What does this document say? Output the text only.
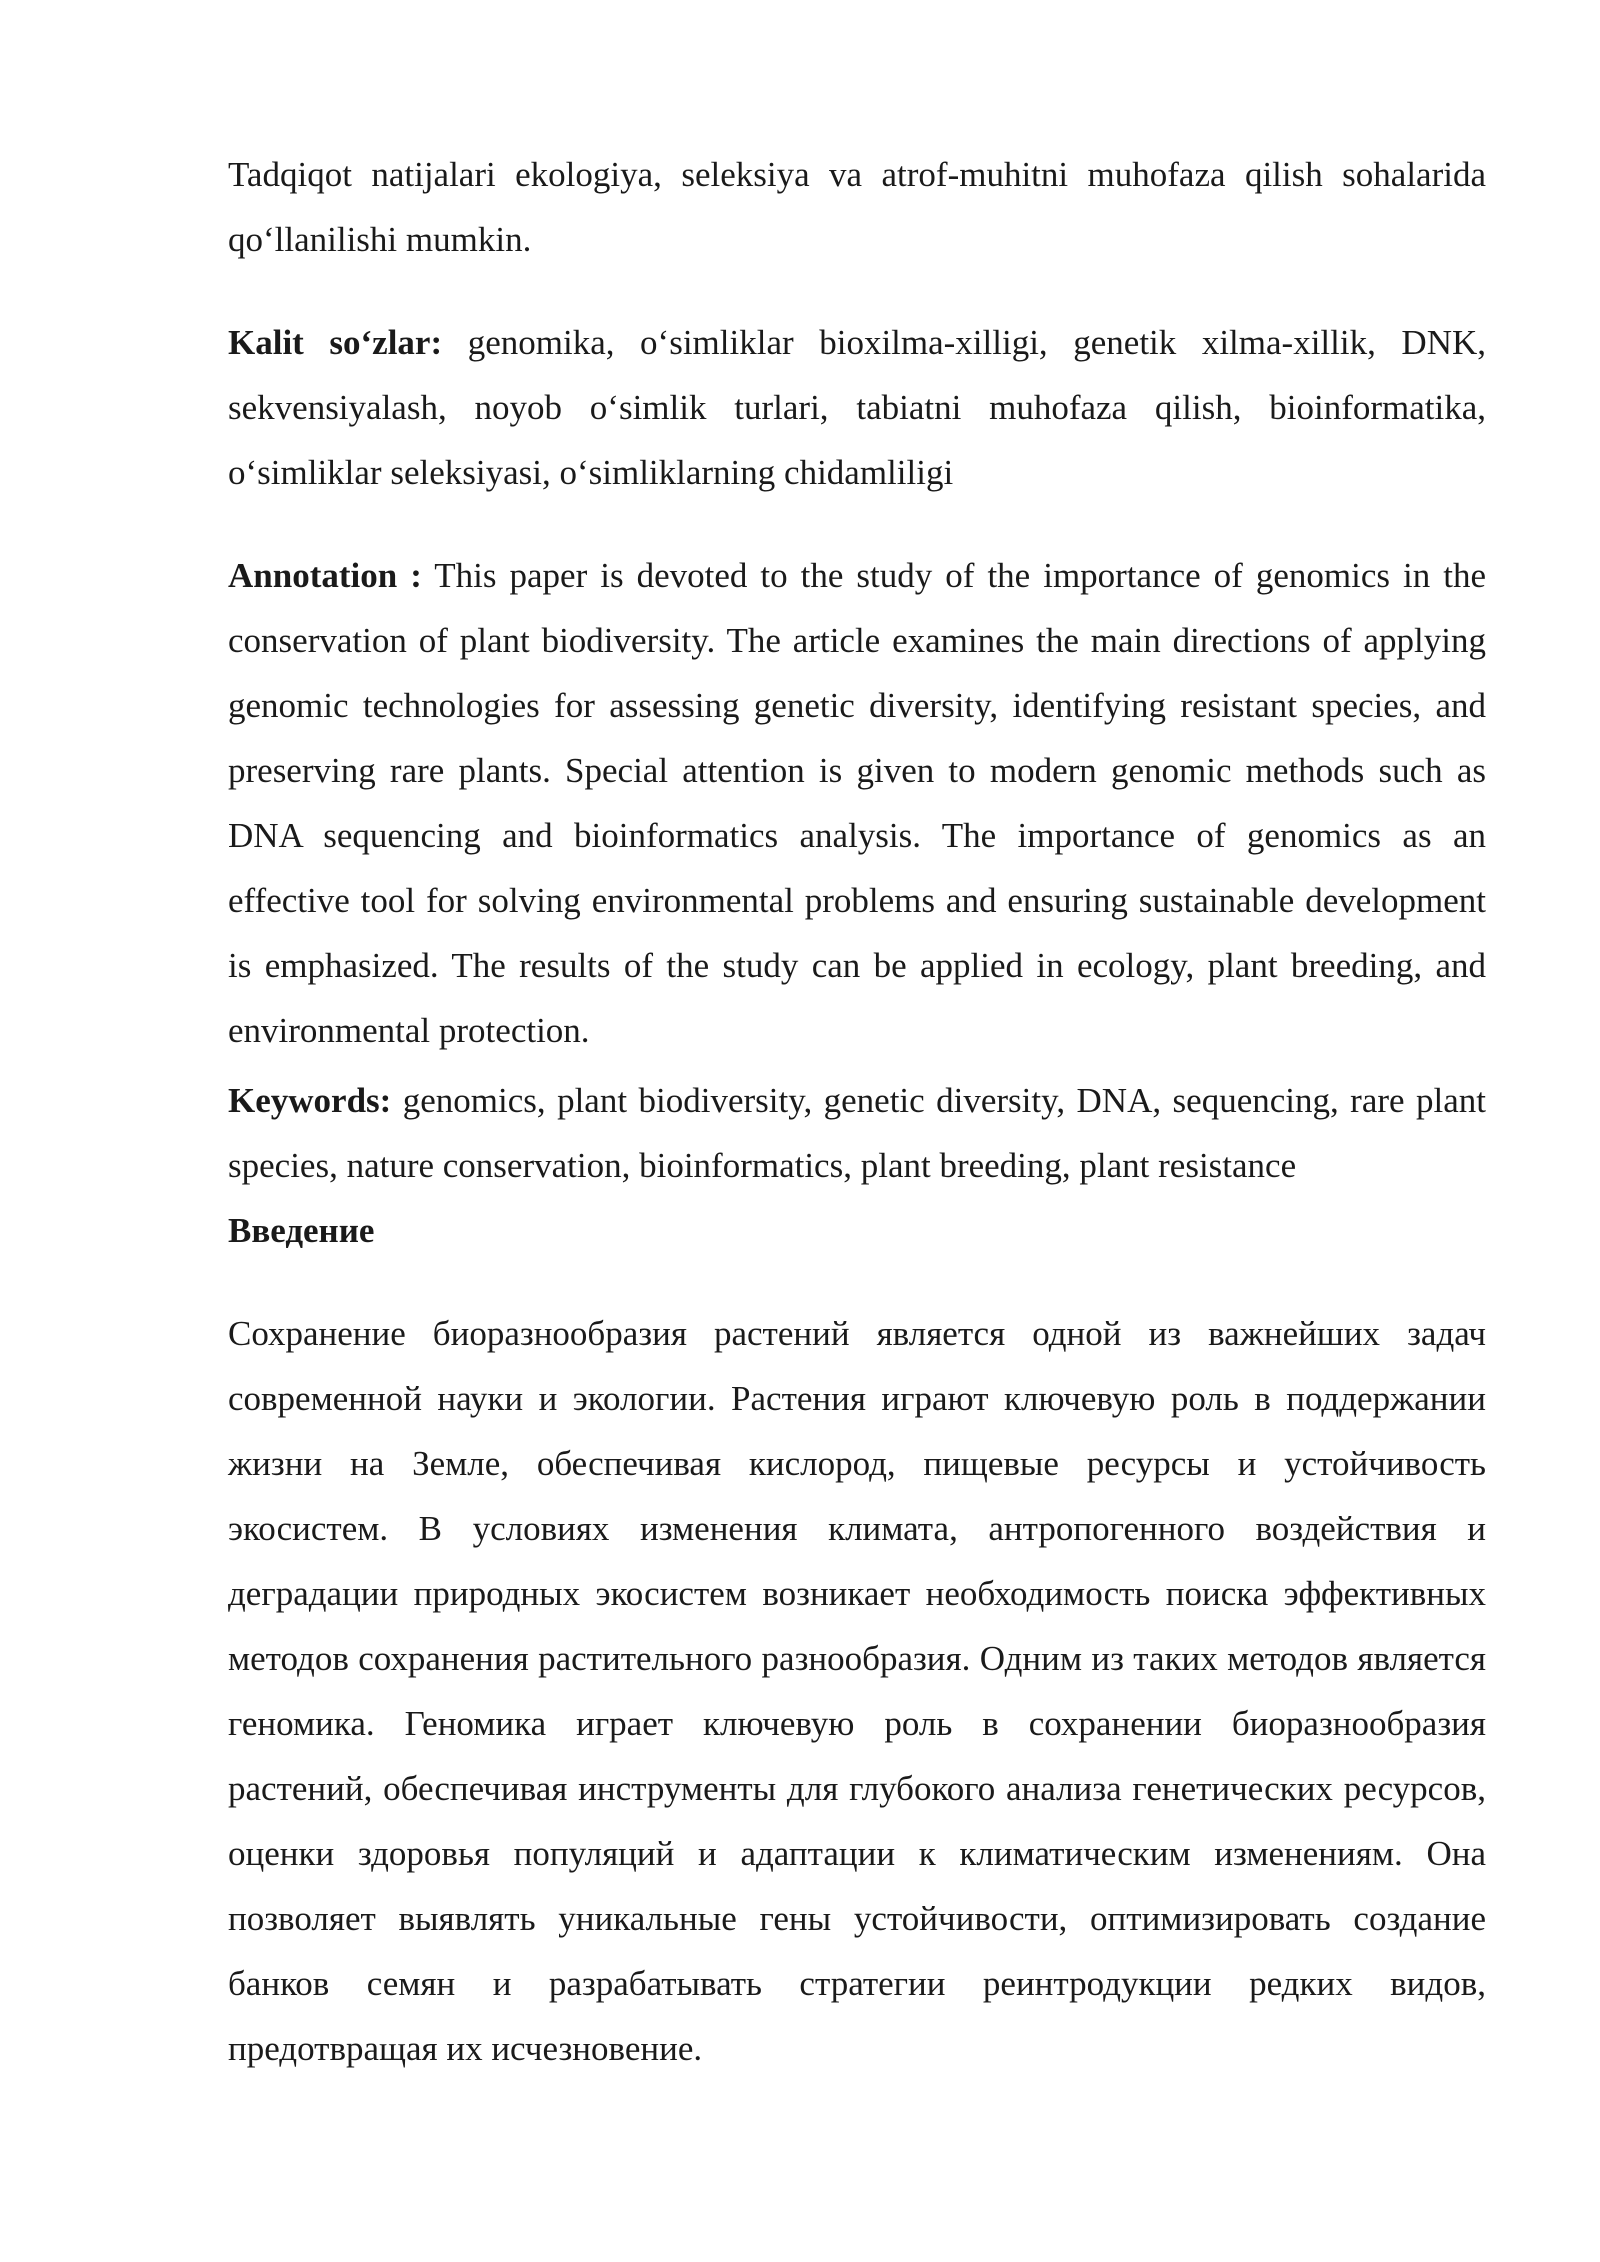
Tadqiqot natijalari ekologiya, seleksiya va atrof-muhitni muhofaza qilish sohalarida qo‘llanilishi mumkin.

Kalit so‘zlar: genomika, o‘simliklar bioxilma-xilligi, genetik xilma-xillik, DNK, sekvensiyalash, noyob o‘simlik turlari, tabiatni muhofaza qilish, bioinformatika, o‘simliklar seleksiyasi, o‘simliklarning chidamliligi

Annotation : This paper is devoted to the study of the importance of genomics in the conservation of plant biodiversity. The article examines the main directions of applying genomic technologies for assessing genetic diversity, identifying resistant species, and preserving rare plants. Special attention is given to modern genomic methods such as DNA sequencing and bioinformatics analysis. The importance of genomics as an effective tool for solving environmental problems and ensuring sustainable development is emphasized. The results of the study can be applied in ecology, plant breeding, and environmental protection.

Keywords: genomics, plant biodiversity, genetic diversity, DNA, sequencing, rare plant species, nature conservation, bioinformatics, plant breeding, plant resistance

Введение

Сохранение биоразнообразия растений является одной из важнейших задач современной науки и экологии. Растения играют ключевую роль в поддержании жизни на Земле, обеспечивая кислород, пищевые ресурсы и устойчивость экосистем. В условиях изменения климата, антропогенного воздействия и деградации природных экосистем возникает необходимость поиска эффективных методов сохранения растительного разнообразия. Одним из таких методов является геномика. Геномика играет ключевую роль в сохранении биоразнообразия растений, обеспечивая инструменты для глубокого анализа генетических ресурсов, оценки здоровья популяций и адаптации к климатическим изменениям. Она позволяет выявлять уникальные гены устойчивости, оптимизировать создание банков семян и разрабатывать стратегии реинтродукции редких видов, предотвращая их исчезновение.
